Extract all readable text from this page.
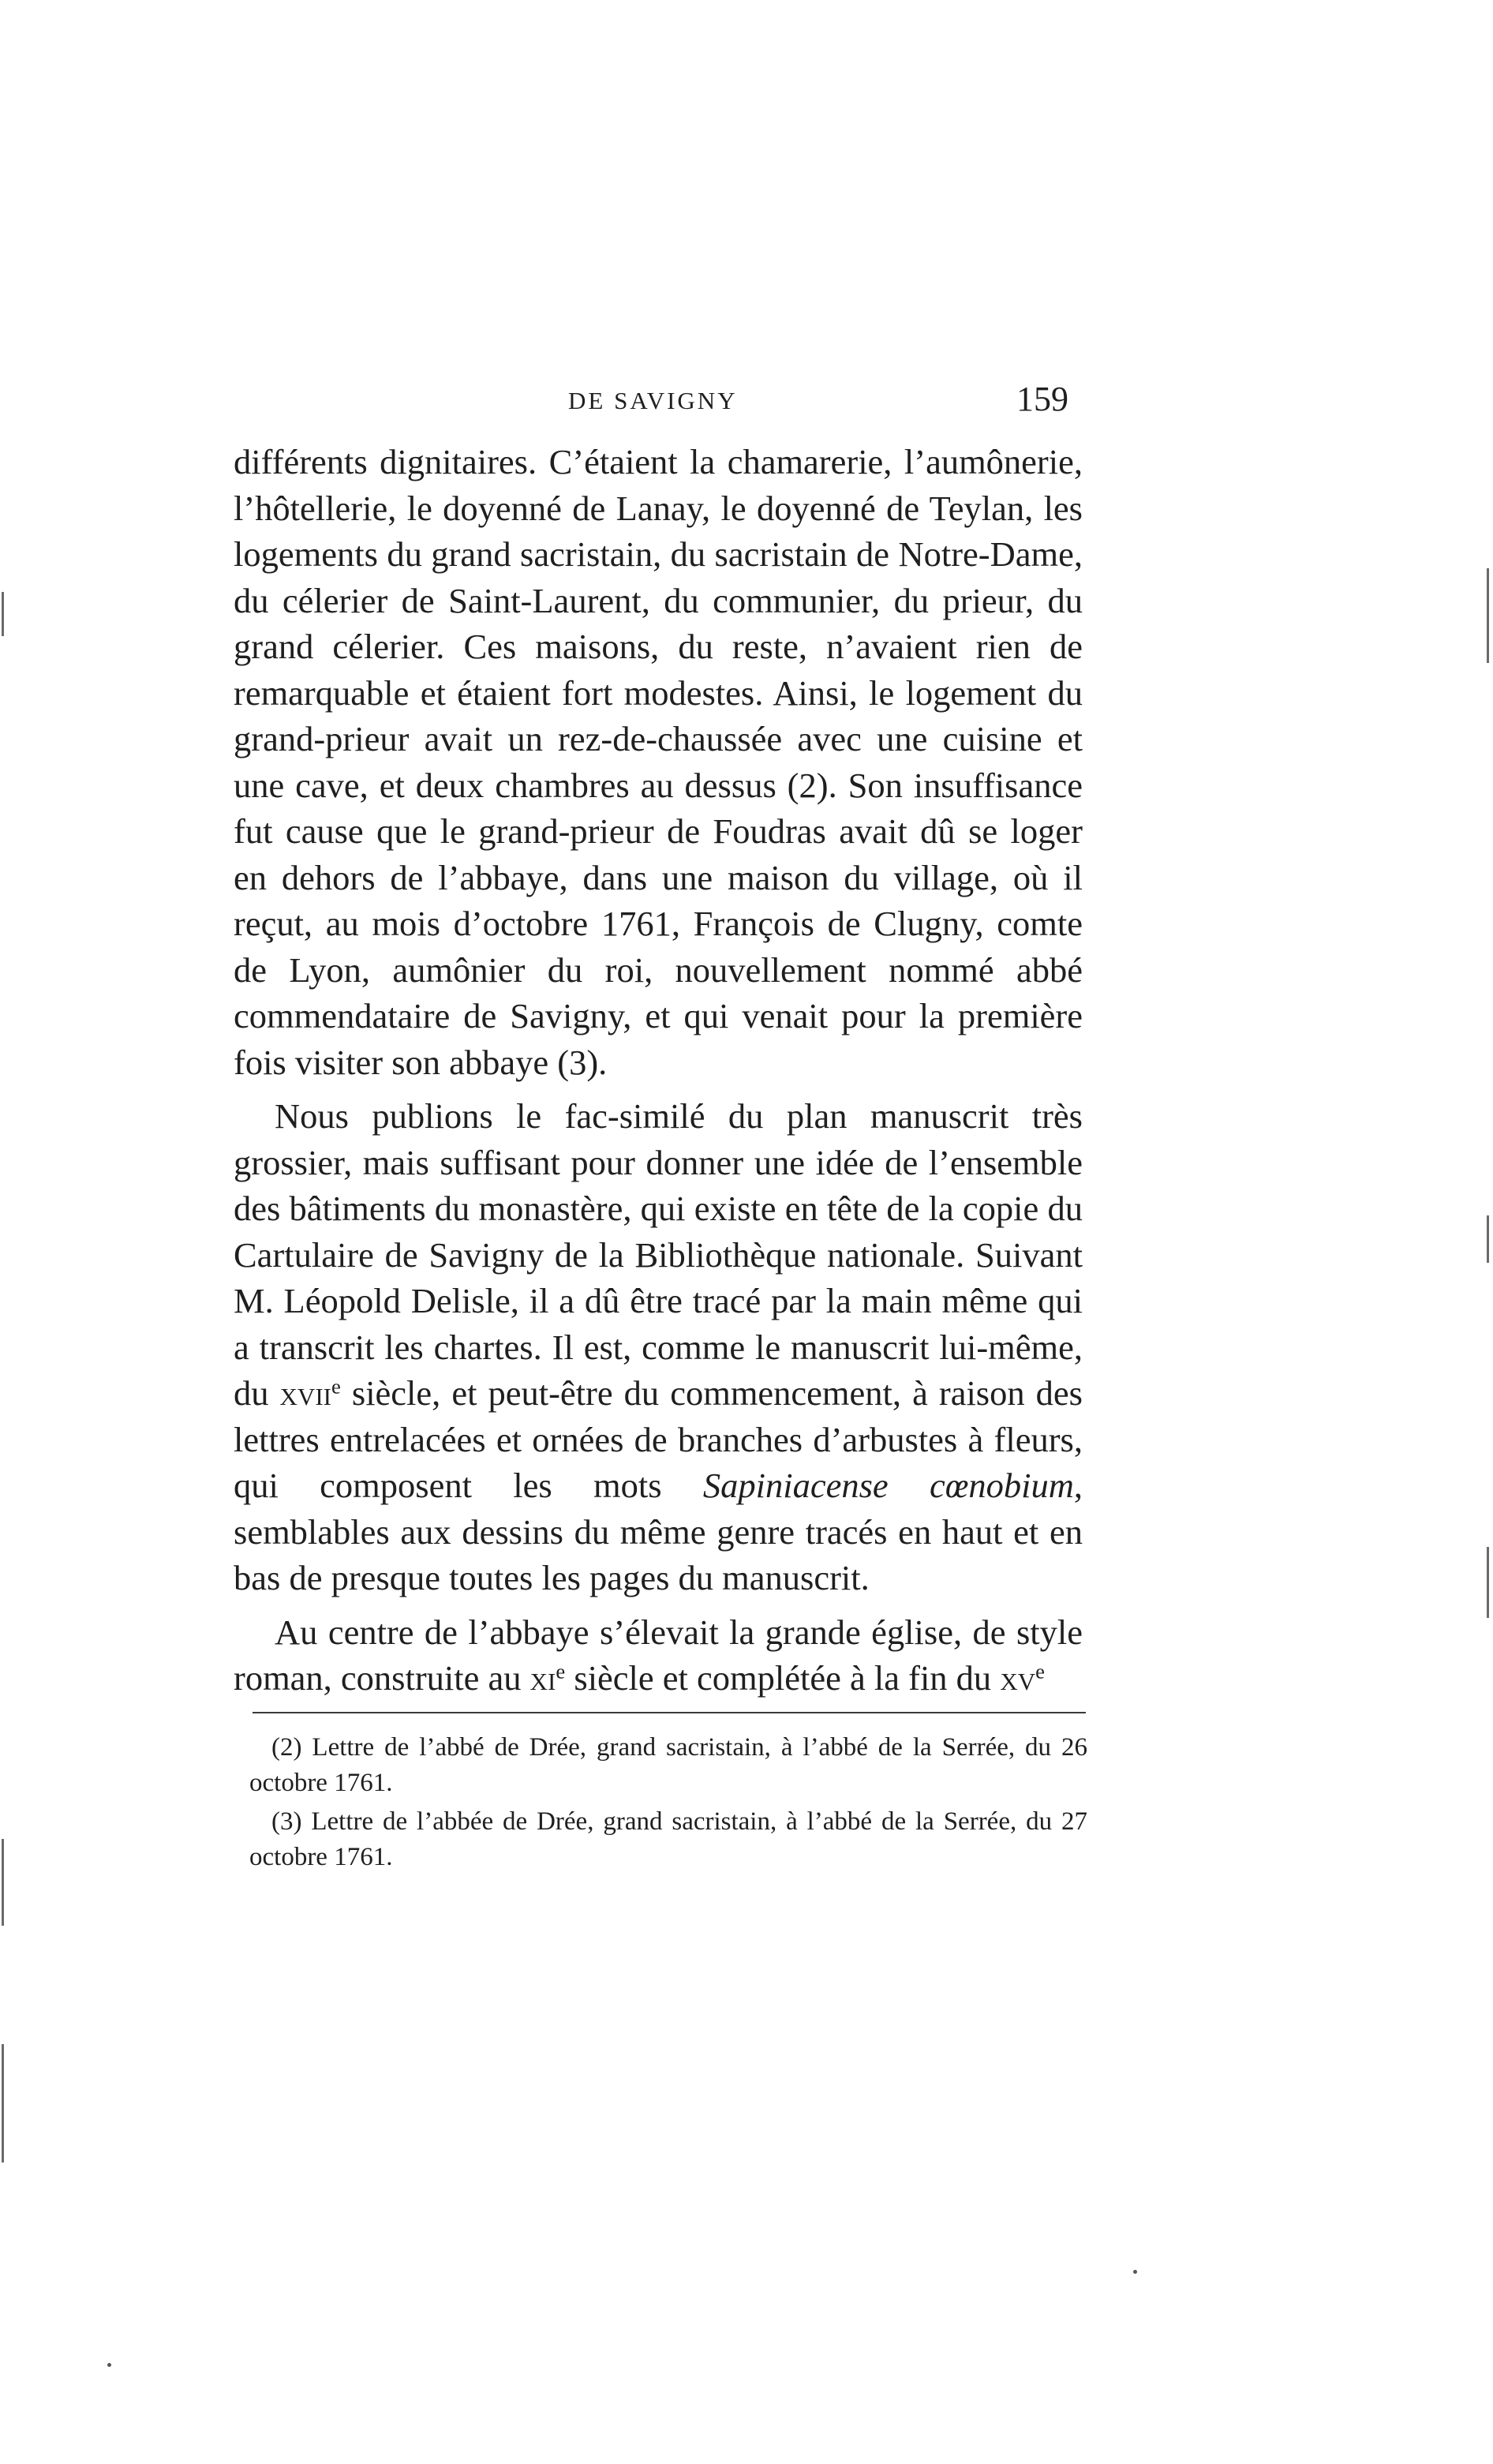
DE SAVIGNY	159

différents dignitaires. C’étaient la chamarerie, l’aumônerie, l’hôtellerie, le doyenné de Lanay, le doyenné de Teylan, les logements du grand sacristain, du sacristain de Notre-Dame, du célerier de Saint-Laurent, du communier, du prieur, du grand célerier. Ces maisons, du reste, n’avaient rien de remarquable et étaient fort modestes. Ainsi, le logement du grand-prieur avait un rez-de-chaussée avec une cuisine et une cave, et deux chambres au dessus (2). Son insuffisance fut cause que le grand-prieur de Foudras avait dû se loger en dehors de l’abbaye, dans une maison du village, où il reçut, au mois d’octobre 1761, François de Clugny, comte de Lyon, aumônier du roi, nouvellement nommé abbé commendataire de Savigny, et qui venait pour la première fois visiter son abbaye (3).

Nous publions le fac-similé du plan manuscrit très grossier, mais suffisant pour donner une idée de l’ensemble des bâtiments du monastère, qui existe en tête de la copie du Cartulaire de Savigny de la Bibliothèque nationale. Suivant M. Léopold Delisle, il a dû être tracé par la main même qui a transcrit les chartes. Il est, comme le manuscrit lui-même, du xvii$^e$ siècle, et peut-être du commencement, à raison des lettres entrelacées et ornées de branches d’arbustes à fleurs, qui composent les mots Sapiniacense cœnobium, semblables aux dessins du même genre tracés en haut et en bas de presque toutes les pages du manuscrit.

Au centre de l’abbaye s’élevait la grande église, de style roman, construite au $xi^e$ siècle et complétée à la fin du $xv^e$

(2) Lettre de l’abbé de Drée, grand sacristain, à l’abbé de la Serrée, du 26 octobre 1761.

(3) Lettre de l’abbée de Drée, grand sacristain, à l’abbé de la Serrée, du 27 octobre 1761.
